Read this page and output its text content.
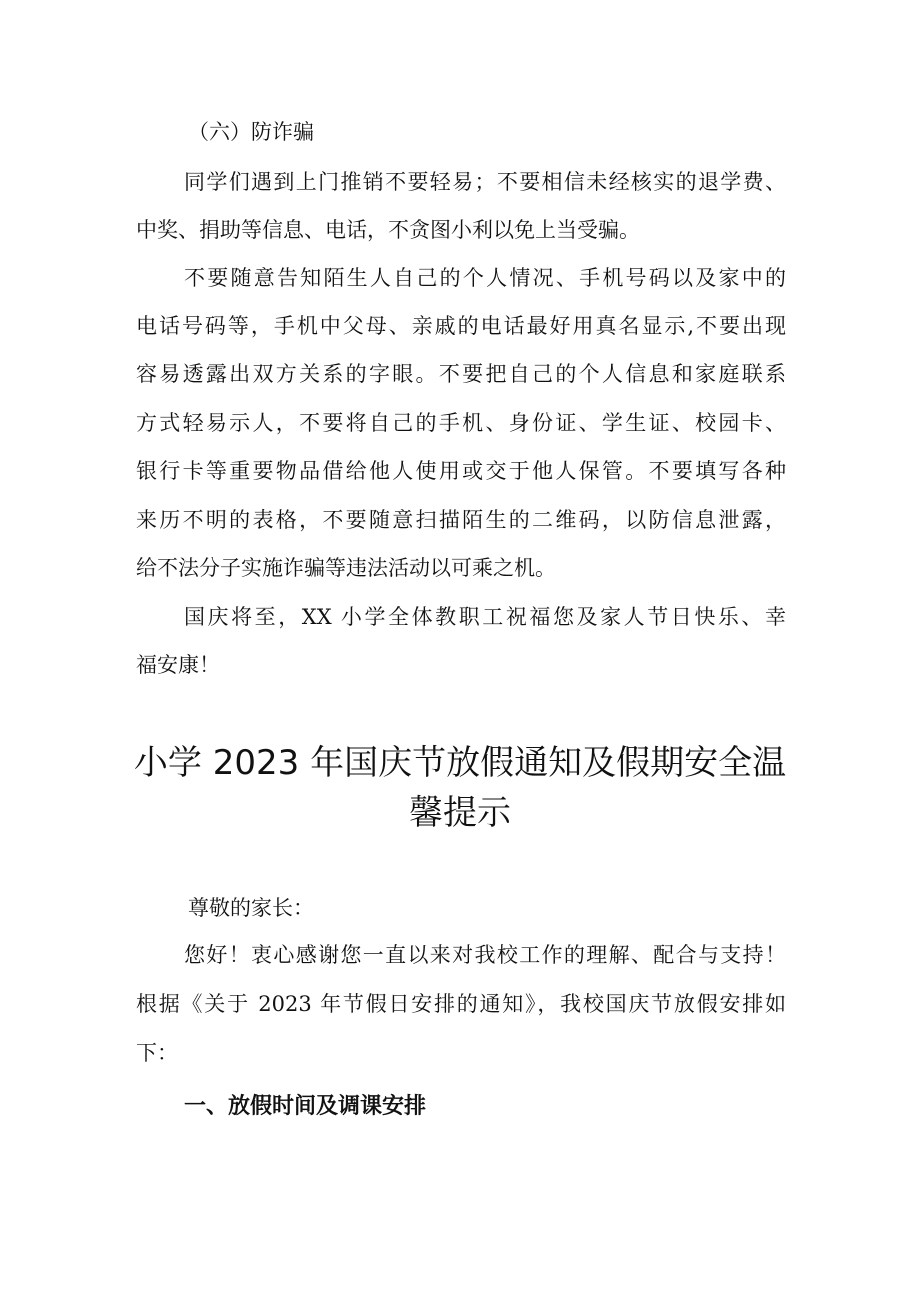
（六）防诈骗
同学们遇到上门推销不要轻易；不要相信未经核实的退学费、
中奖、捐助等信息、电话，不贪图小利以免上当受骗。
不要随意告知陌生人自己的个人情况、手机号码以及家中的
电话号码等，手机中父母、亲戚的电话最好用真名显示,不要出现
容易透露出双方关系的字眼。不要把自己的个人信息和家庭联系
方式轻易示人，不要将自己的手机、身份证、学生证、校园卡、
银行卡等重要物品借给他人使用或交于他人保管。不要填写各种
来历不明的表格，不要随意扫描陌生的二维码，以防信息泄露，
给不法分子实施诈骗等违法活动以可乘之机。
国庆将至，XX 小学全体教职工祝福您及家人节日快乐、幸
福安康！
小学 2023 年国庆节放假通知及假期安全温
馨提示
尊敬的家长：
您好！衷心感谢您一直以来对我校工作的理解、配合与支持！
根据《关于 2023 年节假日安排的通知》，我校国庆节放假安排如
下：
一、放假时间及调课安排
